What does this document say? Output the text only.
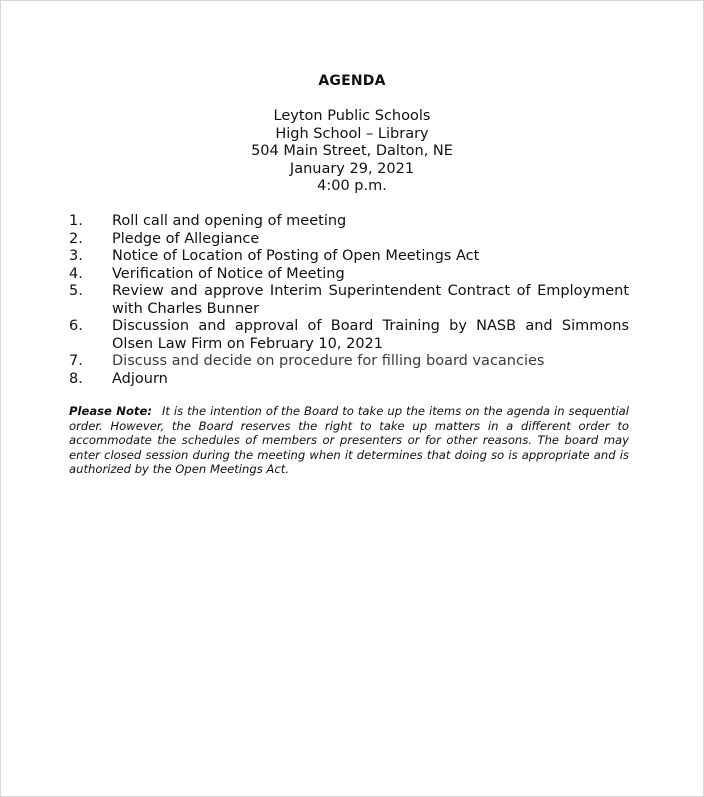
AGENDA
Leyton Public Schools
High School – Library
504 Main Street, Dalton, NE
January 29, 2021
4:00 p.m.
1.	Roll call and opening of meeting
2.	Pledge of Allegiance
3.	Notice of Location of Posting of Open Meetings Act
4.	Verification of Notice of Meeting
5.	Review and approve Interim Superintendent Contract of Employment with Charles Bunner
6.	Discussion and approval of Board Training by NASB and Simmons Olsen Law Firm on February 10, 2021
7.	Discuss and decide on procedure for filling board vacancies
8.	Adjourn
Please Note: It is the intention of the Board to take up the items on the agenda in sequential order. However, the Board reserves the right to take up matters in a different order to accommodate the schedules of members or presenters or for other reasons. The board may enter closed session during the meeting when it determines that doing so is appropriate and is authorized by the Open Meetings Act.
